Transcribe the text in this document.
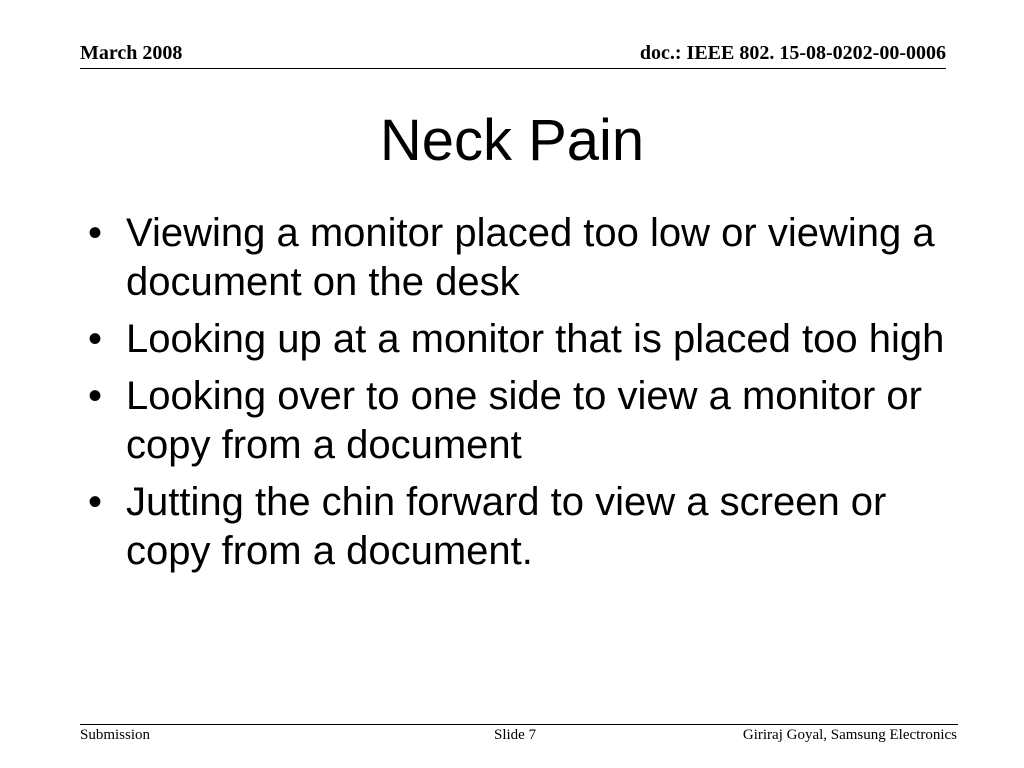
March 2008	doc.: IEEE 802. 15-08-0202-00-0006
Neck Pain
• Viewing a monitor placed too low or viewing a document on the desk
• Looking up at a monitor that is placed too high
• Looking over to one side to view a monitor or copy from a document
• Jutting the chin forward to view a screen or copy from a document.
Submission	Slide 7	Giriraj Goyal, Samsung Electronics
